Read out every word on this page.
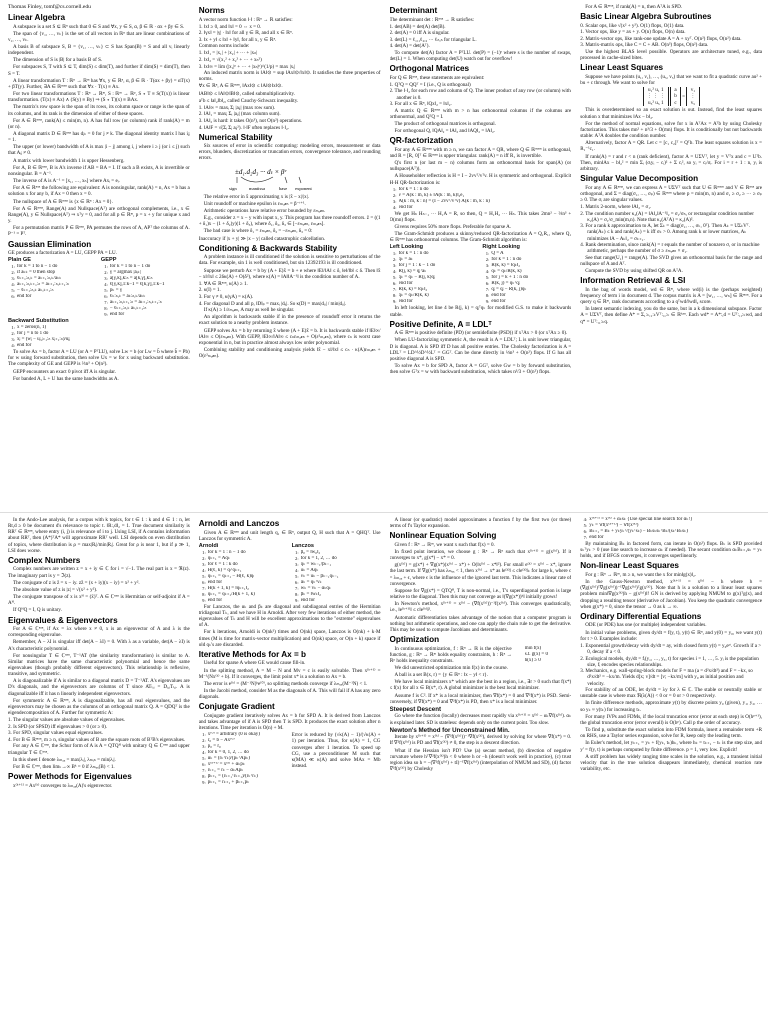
Thomas Finley, tomf@cs.cornell.edu
Linear Algebra
A subspace is a set S ⊆ ℝⁿ such that 0 ∈ S and ∀x, y ∈ S, α, β ∈ ℝ · αx + βy ∈ S.
The span of {v₁, …, vₖ} is the set of all vectors in ℝⁿ that are linear combinations of v₁, …, vₖ.
A basis B of subspace S, B = {v₁, …, vₖ} ⊂ S has Span(B) = S and all vᵢ linearly independent.
The dimension of S is |B| for a basis B of S.
For subspaces S, T with S ⊆ T, dim(S) ≤ dim(T), and further if dim(S) = dim(T), then S = T.
A linear transformation T : ℝⁿ → ℝᵐ has ∀x, y ∈ ℝⁿ, α, β ∈ ℝ · T(αx + βy) = αT(x) + βT(y). Further, ∃A ∈ ℝᵐˣⁿ such that ∀x · T(x) ≡ Ax.
For two linear transformations T : ℝⁿ → ℝᵐ, S : ℝᵐ → ℝᵖ, S ∘ T ≡ S(T(x)) is linear transformation. (T(x) ≡ Ax) ∧ (S(y) ≡ By) ⇒ (S ∘ T)(x) ≡ BAx.
The matrix's row space is the span of its rows, its column space or range is the span of its columns, and its rank is the dimension of either of these spaces.
For A ∈ ℝᵐˣⁿ, rank(A) ≤ min(m, n). A has full row (or column) rank if rank(A) = m (or n).
A diagonal matrix D ∈ ℝⁿˣⁿ has dⱼₖ = 0 for j ≠ k. The diagonal identity matrix I has iⱼⱼ = 1.
The upper (or lower) bandwidth of A is max |i − j| among i, j where i ≥ j (or i ≤ j) such that Aᵢⱼ ≠ 0.
A matrix with lower bandwidth 1 is upper Hessenberg.
For A, B ∈ ℝⁿˣⁿ, B is A's inverse if AB = BA = I. If such a B exists, A is invertible or nonsingular. B = A⁻¹.
The inverse of A is A⁻¹ = [x₁, …, xₙ] where Axᵢ = eᵢ.
For A ∈ ℝⁿˣⁿ the following are equivalent: A is nonsingular, rank(A) = n, Ax = b has a solution x for any b, if Ax = 0 then x = 0.
The nullspace of A ∈ ℝᵐˣⁿ is {x ∈ ℝⁿ : Ax = 0}.
For A ∈ ℝᵐˣⁿ, Range(A) and Nullspace(Aᵀ) are orthogonal complements, i.e., x ∈ Range(A), y ∈ Nullspace(Aᵀ) ⇒ xᵀy = 0, and for all p ∈ ℝᵐ, p = x + y for unique x and y.
For a permutation matrix P ∈ ℝⁿˣⁿ, PA permutes the rows of A, APᵀ the columns of A. P⁻¹ = Pᵀ.
Gaussian Elimination
GE produces a factorization A = LU, GEPP PA = LU.
Plain GE
1: for k = 1 to n − 1 do
2: if aₖₖ = 0 then stop
3: ℓₖ₊₁:ₙ,ₖ = aₖ₊₁:ₙ,ₖ/aₖₖ
4: aₖ₊₁:ₙ,ₖ₊₁:ₙ = aₖ₊₁:ₙ,ₖ₊₁:ₙ
5: − ℓₖ₊₁:ₙ,ₖ aₖ,ₖ₊₁:ₙ
6: end for
GEPP
1: for k = 1 to n − 1 do
2: γ = argmax |aᵢₖ|
3: a[γ,k],k:ₙ = a[k,γ],k:ₙ
4: ℓ[γ,k],1:k−1 = ℓ[k,γ],1:k−1
5: pₖ = γ
6: ℓₖ:ₙ,ₖ = aₖ:ₙ,ₖ/aₖₖ
7: aₖ₊₁:ₙ,ₖ₊₁:ₙ = aₖ₊₁:ₙ,ₖ₊₁:ₙ
8: − ℓₖ₊₁:ₙ,ₖ aₖ,ₖ₊₁:ₙ
9: end for
Backward Substitution
1: x = zeros(n, 1)
2: for j = n to 1 do
3: xⱼ = (wⱼ − uⱼ,ⱼ₊₁:ₙ xⱼ₊₁:ₙ)/uⱼⱼ
4: end for
To solve Ax = b, factor A = LU (or A = PᵀLU), solve Lw = b (or Lw = b̂ where b̂ = Pb) for w using forward substitution, then solve Ux = w for x using backward substitution. The complexity of GE and GEPP is ⅔n³ + O(n²).
GEPP encounters an exact 0 pivot iff A is singular.
For banded A, L + U has the same bandwidths as A.
Norms
A vector norm function ‖·‖ : ℝⁿ → ℝ satisfies:
1. ‖x‖ ≥ 0, and ‖x‖ = 0 ⇔ x = 0.
2. ‖γx‖ = |γ| · ‖x‖ for all γ ∈ ℝ, and all x ∈ ℝⁿ.
3. ‖x + y‖ ≤ ‖x‖ + ‖y‖, for all x, y ∈ ℝⁿ.
Common norms include:
1. ‖x‖₁ = |x₁| + |x₂| + ··· + |xₙ|
2. ‖x‖₂ = √(x₁² + x₂² + ··· + xₙ²)
3. ‖x‖∞ = lim (|x₁|ᵖ + ··· + |xₙ|ᵖ)^(1/p) = max |xᵢ|
An induced matrix norm is ‖A‖⊙ = sup ‖Ax‖⊙/‖x‖⊙. It satisfies the three properties of norms.
∀x ∈ ℝⁿ, A ∈ ℝᵐˣⁿ, ‖Ax‖⊙ ≤ ‖A‖⊙‖x‖⊙.
‖AB‖⊙ ≤ ‖A‖⊙‖B‖⊙, called submultiplicativity.
aᵀb ≤ ‖a‖₂‖b‖₂, called Cauchy-Schwarz inequality.
1. ‖A‖∞ = maxᵢ Σⱼ |aᵢⱼ| (max row sum).
2. ‖A‖₁ = maxⱼ Σᵢ |aᵢⱼ| (max column sum).
3. ‖A‖₂ is hard: it takes O(n³), not O(n²) operations.
4. ‖A‖F = √(Σᵢ Σⱼ aᵢⱼ²). ‖·‖F often replaces ‖·‖₂.
Numerical Stability
Six sources of error in scientific computing: modeling errors, measurement or data errors, blunders, discretization or truncation errors, convergence tolerance, and rounding errors.
±d₁.d₂d₃ ··· dₜ × βᵉ
sign	mantissa	base exponent
The relative error in x̂ approximating x is |x̂ − x|/|x|.
Unit roundoff or machine epsilon is εₘₐ𝒸ₕ = β⁻ᵗ⁺¹.
Arithmetic operations have relative error bounded by εₘₐ𝒸ₕ.
E.g., consider z = x − y with input x, y. This program has three roundoff errors. ẑ = ((1 + δ₁)x − (1 + δ₂)y)(1 + δ₃), where δ₁, δ₂, δ₃ ∈ [−εₘₐ𝒸ₕ, εₘₐ𝒸ₕ].
The bad case is where δ₁ = εₘₐ𝒸ₕ, δ₂ = −εₘₐ𝒸ₕ, δ₃ = 0:
Inaccuracy if |x + y| ≫ |x − y| called catastrophic calcellation.
Conditioning & Backwards Stability
A problem instance is ill conditioned if the solution is sensitive to perturbations of the data. For example, sin 1 is well conditioned, but sin 12392193 is ill conditioned.
Suppose we perturb Ax = b by (A + E)x̂ = b + e where ‖E‖/‖A‖ ≤ δ, ‖e‖/‖b‖ ≤ δ. Then ‖x̂ − x‖/‖x‖ ≤ 2δκ(A) + O(δ²), where κ(A) = ‖A‖‖A⁻¹‖ is the condition number of A.
1. ∀A ∈ ℝⁿˣⁿ, κ(A) ≥ 1.
2. κ(I) = 1.
3. For γ ≠ 0, κ(γA) = κ(A).
4. For diagonal D and all p, ‖D‖ₚ = maxᵢ |dᵢᵢ|. So κ(D) = max|dᵢᵢ| / min|dᵢᵢ|.
If κ(A) ≥ 1/εₘₐ𝒸ₕ, A may as well be singular.
An algorithm is backwards stable if in the presence of roundoff error it returns the exact solution to a nearby problem instance.
GEPP solves Ax = b by returning x̂ where (A + E)x̂ = b. It is backwards stable if ‖E‖∞/‖A‖∞ ≤ O(εₘₐ𝒸ₕ). With GEPP, ‖E‖∞/‖A‖∞ ≤ cₙεₘₐ𝒸ₕ + O(ε²ₘₐ𝒸ₕ), where cₙ is worst case exponential in n, but in practice almost always low order polynomial.
Combining stability and conditioning analysis yields ‖x̂ − x‖/‖x‖ ≤ cₙ · κ(A)εₘₐ𝒸ₕ + O(ε²ₘₐ𝒸ₕ).
Determinant
The determinant det : ℝⁿˣⁿ → ℝ satisfies:
1. det(AB) = det(A) det(B).
2. det(A) = 0 iff A is singular.
3. det(L) = ℓ₁,₁ℓ₂,₂ ··· ℓₙ,ₙ for triangular L.
4. det(A) = det(Aᵀ).
To compute det(A) factor A = PᵀLU. det(P) = (−1)ˢ where s is the number of swaps, det(L) = 1. When computing det(U) watch out for overflow!
Orthogonal Matrices
For Q ∈ ℝⁿˣⁿ, these statements are equivalent:
1. QᵀQ = QQᵀ = I (i.e., Q is orthogonal)
2. The ‖·‖₂ for each row and column of Q. The inner product of any row (or column) with another is 0.
3. For all x ∈ ℝⁿ, ‖Qx‖₂ = ‖x‖₂.
A matrix Q ∈ ℝᵐˣⁿ with m > n has orthonormal columns if the columns are orthonormal, and QᵀQ = I.
The product of orthogonal matrices is orthogonal.
For orthogonal Q, ‖QA‖₂ = ‖A‖₂ and ‖AQ‖₂ = ‖A‖₂.
QR-factorization
For any A ∈ ℝᵐˣⁿ with m ≥ n, we can factor A = QR, where Q ∈ ℝᵐˣᵐ is orthogonal, and R = [R₁ 0]ᵀ ∈ ℝᵐˣⁿ is upper triangular. rank(A) = n iff R₁ is invertible.
Q's first n (or last m − n) columns form an orthonormal basis for span(A) (or nullspace(Aᵀ)).
A Householder reflection is H = I − 2vvᵀ/vᵀv. H is symmetric and orthogonal. Explicit H·H QR-factorization is:
1: for k = 1 : n do
2: v = A(k : m, k) ± ‖A(k : m, k)‖₂e₁
3: A(k : m, k : n) = (I − 2vvᵀ/vᵀv) A(k : m, k : n)
4: end for
We get Hₙ Hₙ₋₁ ··· H₁A = R, so then, Q = H₁H₂ ··· Hₙ. This takes 2mn² − ⅔n³ + O(mn) flops.
Givens requires 50% more flops. Preferable for sparse A.
The Gram-Schmidt produces a skinny/reduced QR-factorization A = Q₁R₁, where Q₁ ∈ ℝᵐˣⁿ has orthonormal columns. The Gram-Schmidt algorithm is:
Left Looking
1: for k = 1 : n do
2: qₖ = aₖ
3: for j = 1 : k − 1 do
4: R(j, k) = qⱼᵀaₖ
5: qₖ = qₖ − R(j, k)qⱼ
6: end for
7: R(k, k) = ‖qₖ‖₂
8: qₖ = qₖ/R(k, k)
9: end for
Right Looking
1: Q = A
2: for k = 1 : n do
3: R(k, k) = ‖qₖ‖₂
4: qₖ = qₖ/R(k, k)
5: for j = k + 1 : n do
6: R(k, j) = qₖᵀqⱼ
7: qⱼ = qⱼ − R(k, j)qₖ
8: end for
9: end for
In left looking, let line 4 be R(j, k) = qⱼᵀqₖ for modified G.S. to make it backwards stable.
Positive Definite, A = LDLᵀ
A ∈ ℝⁿˣⁿ is positive definite (PD) (or semidefinite (PSD)) if xᵀAx > 0 (or xᵀAx ≥ 0).
When LU-factorizing symmetric A, the result is A = LDLᵀ; L is unit lower triangular, D is diagonal. A is SPD iff D has all positive entries. The Cholesky factorization is A = LDLᵀ = LD^½D^½Lᵀ = GGᵀ. Can be done directly in ⅓n³ + O(n²) flops. If G has all positive diagonal A is SPD.
To solve Ax = b for SPD A, factor A = GGᵀ, solve Gw = b by forward substitution, then solve Gᵀx = w with backward substitution, which takes n³/3 + O(n²) flops.
For A ∈ ℝᵐˣⁿ, if rank(A) = n, then AᵀA is SPD.
Basic Linear Algebra Subroutines
0. Scalar ops, like √(x² + y²). O(1) flops, O(1) data.
1. Vector ops, like y = ax + y. O(n) flops, O(n) data.
2. Matrix-vector ops, like rank-one update A = A + xyᵀ. O(n²) flops, O(n²) data.
3. Matrix-matrix ops, like C = C + AB. O(n³) flops, O(n²) data.
Use the highest BLAS level possible. Operators are architecture tuned, e.g., data processed in cache-sized bites.
Linear Least Squares
Suppose we have points (u₁, v₁), …, (u₅, v₅) that we want to fit a quadratic curve au² + bu + c through. We want to solve for
u₁² u₁ 1
⋮ ⋮ ⋮
u₅² u₅ 1

a
b
c
=
v₁
⋮
v₅
This is overdetermined so an exact solution is out. Instead, find the least squares solution x that minimizes ‖Ax − b‖₂.
For the method of normal equations, solve for x in AᵀAx = Aᵀb by using Cholesky factorization. This takes mn² + n³/3 + O(mn) flops. It is conditionally but not backwards stable: AᵀA doubles the condition number.
Alternatively, factor A = QR. Let c = [c₁ c₂]ᵀ = Qᵀb. The least squares solution is x = R₁⁻¹c₁.
If rank(A) = r and r < n (rank deficient), factor A = UΣVᵀ, let y = Vᵀx and c = Uᵀb. Then, min‖Ax − b‖₂² = min Σᵢ (σᵢyᵢ − cᵢ)² + Σ cᵢ², so yᵢ = cᵢ/σᵢ. For i = r + 1 : n, yᵢ is arbitrary.
Singular Value Decomposition
For any A ∈ ℝᵐˣⁿ, we can express A = UΣVᵀ such that U ∈ ℝᵐˣᵐ and V ∈ ℝⁿˣⁿ are orthogonal, and Σ = diag(σ₁, …, σₚ) ∈ ℝᵐˣⁿ where p = min(m, n) and σ₁ ≥ σ₂ ≥ ··· ≥ σₚ ≥ 0. The σᵢ are singular values.
1. Matrix 2-norm, where ‖A‖₂ = σ₁.
2. The condition number κ₂(A) = ‖A‖₂‖A⁻¹‖₂ = σ₁/σₙ, or rectangular condition number κ₂(A) = σ₁/σ_min(m,n). Note that κ₂(AᵀA) = κ₂(A)².
3. For a rank k approximation to A, let Σₖ = diag(σ₁, …, σₖ, 0ᵀ). Then Aₖ = UΣₖVᵀ. rank(Aₖ) ≤ k and rank(Aₖ) = k iff σₖ > 0. Among rank k or lower matrices, Aₖ minimizes ‖A − Aₖ‖₂ = σₖ₊₁.
4. Rank determination, since rank(A) = r equals the number of nonzero σ, or in machine arithmetic, perhaps the number of σ ≥ εₘₐ𝒸ₕ × σ₁.
See that range(U₁) = range(A). The SVD gives an orthonormal basis for the range and nullspace of A and Aᵀ.
Compute the SVD by using shifted QR on AᵀA.
Information Retrieval & LSI
In the bag of words model, wd ∈ ℝᵐ, where wd(i) is the (perhaps weighted) frequency of term i in document d. The corpus matrix is A = [w₁, …, wₙ] ∈ ℝᵐˣⁿ. For a query q ∈ ℝᵐ, rank documents according to a qᵀwd/‖wd‖₂ score.
In latent semantic indexing, you do the same, but in a k dimensional subspace. Factor A = UΣVᵀ, then define A* = Σ₁:ₖ,₁:ₖVᵀ:,₁:ₖ ∈ ℝᵏˣⁿ. Each wd* = A*:,d = Uᵀ:,₁:ₖwd, and q* = Uᵀ:,₁:ₖq.
In the Ando-Lee analysis, for a corpus with k topics, for t ∈ 1 : k and d ∈ 1 : n, let Rt,d ≥ 0 be document d's relevance to topic t. ‖R:,d‖₂ = 1. True document similarity is RRᵀ ∈ ℝⁿˣⁿ, where entry (i, j) is relevance of i to j. Using LSI, if A contains information about RRᵀ, then (A*)ᵀA* will approximate RRᵀ well. LSI depends on even distribution of topics, where distribution is ρ = max|Rᵢ|/min|Rᵢ|. Great for ρ is near 1, but if ρ ≫ 1, LSI does worse.
Complex Numbers
Complex numbers are written z = x + iy ∈ ℂ for i = √−1. The real part is x = ℜ(z). The imaginary part is y = ℑ(z).
The conjugate of z is z̄ = x − iy. zz̄ = (x + iy)(x − iy) = x² + y².
The absolute value of z is |z| = √(x² + y²).
The conjugate transpose of x is xᴴ = (x̄)ᵀ. A ∈ ℂⁿˣⁿ is Hermitian or self-adjoint if A = Aᴴ.
If QᴴQ = I, Q is unitary.
Eigenvalues & Eigenvectors
For A ∈ ℂⁿˣⁿ, if Ax = λx where x ≠ 0, x is an eigenvector of A and λ is the corresponding eigenvalue.
Remember, A − λI is singular iff det(A − λI) = 0. With λ as a variable, det(A − λI) is A's characteristic polynomial.
For nonsingular T ∈ ℂⁿˣⁿ, T⁻¹AT (the similarity transformation) is similar to A. Similar matrices have the same characteristic polynomial and hence the same eigenvalues (though probably different eigenvectors). This relationship is reflexive, transitive, and symmetric.
A is diagonalizable if A is similar to a diagonal matrix D = T⁻¹AT. A's eigenvalues are D's diagonals, and the eigenvectors are columns of T since ATₗ,ᵢ = Dᵢ,ᵢTₗ,ᵢ. A is diagonalizable iff it has n linearly independent eigenvectors.
For symmetric A ∈ ℝⁿˣⁿ, A is diagonalizable, has all real eigenvalues, and the eigenvectors may be chosen as the columns of an orthogonal matrix Q. A = QDQᵀ is the eigendecomposition of A. Further for symmetric A:
1. The singular values are absolute values of eigenvalues.
2. Is SPD (or SPSD) iff eigenvalues > 0 (or ≥ 0).
3. For SPD, singular values equal eigenvalues.
4. For B ∈ ℝᵐˣⁿ, m ≥ n, singular values of B are the square roots of BᵀB's eigenvalues.
For any A ∈ ℂⁿˣⁿ, the Schur form of A is A = QTQᴴ with unitary Q ∈ ℂⁿˣⁿ and upper triangular T ∈ ℂⁿˣⁿ.
In this sheet I denote λₘₐₓ = max|λᵢ|, λₘᵢₙ = min|λᵢ|.
For B ∈ ℂⁿˣⁿ, then limₖ→∞ Bᵏ = 0 if λₘₐₓ(B) < 1.
Power Methods for Eigenvalues
x⁽ᵏ⁺¹⁾ = Ax⁽ᵏ⁾ converges to λₘₐₓ(A)'s eigenvector.
Arnoldi and Lanczos
Given A ∈ ℝⁿˣⁿ and unit length q₁ ∈ ℝⁿ, output Q, H such that A = QHQᵀ. Use Lanczos for symmetric A.
Arnoldi
1: for k = 1 : n − 1 do
2: q̃ₖ₊₁ = Aqₖ
3: for ℓ = 1 : k do
4: H(ℓ, k) = qₗᵀq̃ₖ₊₁
5: q̃ₖ₊₁ = q̃ₖ₊₁ − H(ℓ, k)qₗ
6: end for
7: H(k + 1, k) = ‖q̃ₖ₊₁‖₂
8: qₖ₊₁ = q̃ₖ₊₁/H(k + 1, k)
9: end for
Lanczos
1: β₀ = ‖w₀‖₂
2: for k = 1, 2, … do
3: qₖ = wₖ₋₁/βₖ₋₁
4: uₖ = Aqₖ
5: vₖ = uₖ − βₖ₋₁qₖ₋₁
6: αₖ = qₖᵀvₖ
7: wₖ = vₖ − αₖqₖ
8: βₖ = ‖wₖ‖₂
9: end for
For Lanczos, the αₖ and βₖ are diagonal and subdiagonal entries of the Hermitian tridiagonal Tₖ, and we have H in Arnoldi. After very few iterations of either method, the eigenvalues of Tₖ and H will be excellent approximations to the "extreme" eigenvalues of A.
For k iterations, Arnoldi is O(nk²) times and O(nk) space, Lanczos is O(nk) + k·M times (M is time for matrix-vector multiplication) and O(nk) space, or O(n + k) space if old qₖ's are discarded.
Iterative Methods for Ax = b
Useful for sparse A where GE would cause fill-in.
In the splitting method, A = M − N and Mv = c is easily solvable. Then x⁽ᵏ⁺¹⁾ = M⁻¹(Nx⁽ᵏ⁾ + b). If it converges, the limit point x* is a solution to Ax = b.
The error is e⁽ᵏ⁾ = (M⁻¹N)ᵏe⁽⁰⁾, so splitting methods converge if λₘₐₓ(M⁻¹N) < 1.
In the Jacobi method, consider M as the diagonals of A. This will fail if A has any zero diagonals.
Conjugate Gradient
Conjugate gradient iteratively solves Ax = b for SPD A. It is derived from Lanczos and takes advantage of if A is SPD then T is SPD. It produces the exact solution after n iterations. Time per iteration is O(n) + M.
1: x⁽⁰⁾ = arbitrary (0 is okay)
2: r₀ = b − Ax⁽⁰⁾
3: p₀ = r₀
4: for k = 0, 1, 2, … do
5: αₖ = (rₖᵀrₖ)/(pₖᵀApₖ)
6: x⁽ᵏ⁺¹⁾ = x⁽ᵏ⁾ + αₖpₖ
7: rₖ₊₁ = rₖ − αₖApₖ
8: βₖ₊₁ = (rₖ₊₁ᵀrₖ₊₁)/(rₖᵀrₖ)
9: pₖ₊₁ = rₖ₊₁ + βₖ₊₁pₖ
Error is reduced by (√κ(A) − 1)/(√κ(A) + 1) per iteration. Thus, for κ(A) = 1, CG converges after 1 iteration. To speed up CG, use a preconditioner M such that κ(MA) ≪ κ(A) and solve MAx = Mb instead.
A linear (or quadratic) model approximates a function f by the first two (or three) terms of f's Taylor expansion.
Nonlinear Equation Solving
Given f : ℝⁿ → ℝᵐ, we want x such that f(x) = 0.
In fixed point iteration, we choose g : ℝⁿ → ℝⁿ such that x⁽ᵏ⁺¹⁾ = g(x⁽ᵏ⁾). If it converges to x*, g(x*) − x* = 0.
g(x⁽ᵏ⁾) = g(x*) + ∇g(x*)(x⁽ᵏ⁾ − x*) + O(‖x⁽ᵏ⁾ − x*‖²). For small e⁽ᵏ⁾ = x⁽ᵏ⁾ − x*, ignore the last term. If ∇g(x*) has λₘₐₓ < 1, then x⁽ᵏ⁾ → x* as ‖e⁽ᵏ⁾‖ ≤ c‖e⁽ᵏ⁾‖ₖ for large k, where c = λₘₐₓ + ϵ, where ϵ is the influence of the ignored last term. This indicates a linear rate of convergence.
Suppose for ∇g(x*) = QTQᴴ, T is non-normal, i.e., T's superdiagonal portion is large relative to the diagonal. Then this may not converge as ‖(∇g(x*))ᵏ‖ initially grows!
In Newton's method, x⁽ᵏ⁺¹⁾ = x⁽ᵏ⁾ − (∇f(x⁽ᵏ⁾))⁻¹f(x⁽ᵏ⁾). This converges quadratically, i.e., ‖e⁽ᵏ⁺¹⁾‖ ≤ c‖e⁽ᵏ⁾‖².
Automatic differentiation takes advantage of the notion that a computer program is nothing but arithmetic operations, and one can apply the chain rule to get the derivative. This may be used to compute Jacobians and determinants.
Optimization
In continuous optimization, f : ℝⁿ → ℝ is the objective function, g : ℝⁿ → ℝᵐ holds equality constraints, h : ℝⁿ → ℝᵖ holds inequality constraints.
min f(x)
s.t. g(x) = 0
h(x) ≥ 0
We did unrestricted optimization min f(x) in the course.
A ball is a set B(x, r) = {y ∈ ℝⁿ : ‖x − y‖ < r}.
We have local minimizers x* which are the best in a region, i.e., ∃r > 0 such that f(x*) ≤ f(x) for all x ∈ B(x*, r). A global minimizer is the best local minimizer.
Assume f is C². If x* is a local minimizer, then ∇f(x*) = 0 and ∇²f(x*) is PSD. Semi-conversely, if ∇f(x*) = 0 and ∇²f(x*) is PD, then x* is a local minimizer.
Steepest Descent
Go where the function (locally) decreases most rapidly via x⁽ᵏ⁺¹⁾ = x⁽ᵏ⁾ − αₖ∇f(x⁽ᵏ⁾). αₖ is explained later. SD is stateless: depends only on the current point. Too slow.
Newton's Method for Unconstrained Min.
Iterate by x⁽ᵏ⁺¹⁾ = x⁽ᵏ⁾ − (∇²f(x⁽ᵏ⁾))⁻¹∇f(x⁽ᵏ⁾), derived by solving for where ∇f(x*) = 0. If ∇²f(x⁽ᵏ⁾) is PD and ∇f(x⁽ᵏ⁾) ≠ 0, the step is a descent direction.
What if the Hessian isn't PD? Use (a) secant method, (b) direction of negative curvature where hᵀ∇²f(x⁽ᵏ⁾)h < 0 where h or −h (doesn't work well in practice), (c) trust region idea so h = −(∇²f(x⁽ᵏ⁾) + tI)⁻¹∇f(x⁽ᵏ⁾) (interpolation of NMUM and SD), (d) factor ∇²f(x⁽ᵏ⁾) by Cholesky
4: x⁽ᵏ⁺¹⁾ = x⁽ᵏ⁾ + αₖsₖ {Use special line search for αₖ!}
5: yₖ = ∇f(x⁽ᵏ⁺¹⁾) − ∇f(x⁽ᵏ⁾)
6: Bₖ₊₁ = Bₖ + yₖyₖᵀ/(yₖᵀsₖ) − BₖsₖsₖᵀBₖ/(sₖᵀBₖsₖ)
7: end for
By maintaining Bₖ in factored form, can iterate in O(n²) flops. Bₖ is SPD provided sₖᵀyₖ > 0 (use line search to increase αₖ if needed). The secant condition αₖBₖ₊₁sₖ = yₖ holds, and if BFGS converges, it converges superlinearly.
Non-linear Least Squares
For g : ℝⁿ → ℝᵐ, m ≥ n, we want the x for min‖g(x)‖₂.
In the Gauss-Newton method, x⁽ᵏ⁺¹⁾ = x⁽ᵏ⁾ − h where h = (∇g(x⁽ᵏ⁾)ᵀ∇g(x⁽ᵏ⁾))⁻¹∇g(x⁽ᵏ⁾)ᵀg(x⁽ᵏ⁾). Note that h is a solution to a linear least squares problem min‖∇g(x⁽ᵏ⁾)h − g(x⁽ᵏ⁾)‖! GN is derived by applying NMUM to g(x)ᵀg(x), and dropping a resulting tensor (derivative of Jacobian). You keep the quadratic convergence when g(x*) = 0, since the tensor → 0 as k → ∞.
Ordinary Differential Equations
ODE (or PDE) has one (or multiple) independent variables.
In initial value problems, given dy/dt = f(y, t), y(t) ∈ ℝⁿ, and y(0) = y₀, we want y(t) for t > 0. Examples include:
1. Exponential growth/decay with dy/dt = ay, with closed form y(t) = y₀eᵃᵗ. Growth if a > 0, decay if a < 0.
2. Ecological models, dyᵢ/dt = fᵢ(y₁, …, y₅, t) for species i = 1, …, 5. yᵢ is the population size, fᵢ encodes species relationships.
3. Mechanics, e.g. wall-spring-block models for F = ma (a = d²x/dt²) and F = −kx, so d²x/dt² = −kx/m. Yields d[x; v]/dt = [v; −kx/m] with y₀ as initial position and velocity.
For stability of an ODE, let dy/dt = λy for λ ∈ ℂ. The stable or neutrally stable or unstable case is where max ℜ(λ(A)) < 0 or = 0 or > 0 respectively.
In finite difference methods, approximate y(t) by discrete points y₀ (given), y₁, y₂, … so yₖ ≈ y(tₖ) for increasing tₖ.
For many IVPs and FDMs, if the local truncation error (error at each step) is O(hᵖ⁺¹), the global truncation error (error overall) is O(hᵖ). Call p the order of accuracy.
To find p, substitute the exact solution into FDM formula, insert a remainder term +R on RHS, use a Taylor series expansion, solve for R, keep only the leading term.
In Euler's method, let yₖ₊₁ = yₖ + f(yₖ, tₖ)hₖ, where hₖ = tₖ₊₁ − tₖ is the step size, and y' = f(y, t) is perhaps computed by finite difference. p = 1, very low. Explicit!
A stiff problem has widely ranging time scales in the solution, e.g., a transient initial velocity that in the true solution disappears immediately, chemical reaction rate variability, etc.
